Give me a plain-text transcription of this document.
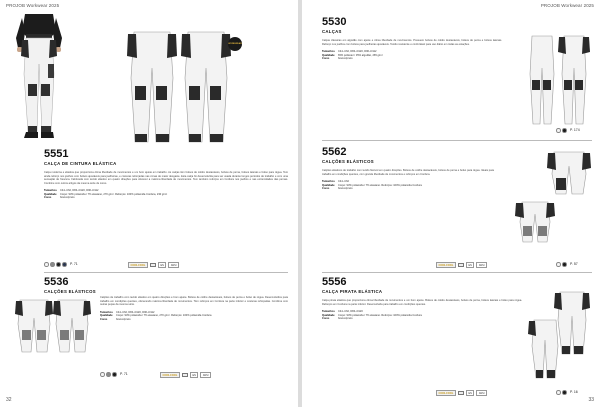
PROJOB Workwear 2025
WORKWEAR
5551
CALÇA DE CINTURA ELÁSTICA
Calça moderna e elástica que proporciona ótima liberdade de movimentos e um bom ajuste em trabalho. As calças têm bolsos de coldre destacáveis, bolsos de perna, bolsos laterais e bolso para régua. Tem ainda reforço nos joelhos com bolsos ajustáveis para joelheiras, e costuras reforçadas nas zonas de maior desgaste. Esta calça foi desenvolvida para ser usada durante longos períodos de trabalho e com uma sensação de frescura. Fabricada com tecido elástico em quatro direções para oferecer a máxima liberdade de movimentos. Tem também reforços em Cordura nos joelhos e nas extremidades das pernas. Combine com outros artigos da mesma série de cores.
Tamanhos	C44–C62, D84–D120, D96–D112
Qualidade	Corpo: 93% poliamida / 7% elastano, 270 g/m². Reforços: 100% poliamida Cordura, 230 g/m²
Cores	branco/preto
P. 71	COOLCOOL	EN	ANSI
5536
CALÇÕES ELÁSTICOS
Calções de trabalho com tecido elástico em quatro direções e bom ajuste. Bolsos de coldre destacáveis, bolsos de perna e bolso de régua. Desenvolvidos para trabalho em condições quentes, oferecendo máxima liberdade de movimentos. Têm reforços em Cordura na parte inferior e costuras reforçadas. Combine com outras peças da mesma série.
Tamanhos	C44–C62, D84–D120, D96–D112
Qualidade	Corpo: 93% poliamida / 7% elastano, 270 g/m². Reforços: 100% poliamida Cordura
Cores	branco/preto
P. 71	COOLCOOL	EN	ANSI
32
PROJOB Workwear 2025
5530
CALÇAS
Calças clássicas em algodão com ajuste e ótima liberdade de movimentos. Possuem bolsos de coldre destacáveis, bolsos de perna e bolsos laterais. Reforço nos joelhos com bolsos para joelheiras ajustáveis. Tecido resistente e confortável para uso diário em todas as estações.
Tamanhos	C44–C62, D84–D120, D96–D112
Qualidade	65% poliéster / 35% algodão, 265 g/m²
Cores	branco/preto
P. 174
5562
CALÇÕES ELÁSTICOS
Calções elásticos de trabalho com tecido flexível em quatro direções. Bolsos de coldre destacáveis, bolsos de perna e bolso para régua. Ideais para trabalho em condições quentes, com grande liberdade de movimentos e reforços em Cordura.
Tamanhos	C44–C62
Qualidade	Corpo: 93% poliamida / 7% elastano. Reforços: 100% poliamida Cordura
Cores	branco/preto
P. 57
COOLCOOL	EN	ANSI
5556
CALÇA PIRATA ELÁSTICA
Calça pirata elástica que proporciona ótima liberdade de movimentos e um bom ajuste. Bolsos de coldre destacáveis, bolsos de perna, bolsos laterais e bolso para régua. Reforços em Cordura na parte inferior. Desenvolvida para trabalho em condições quentes.
Tamanhos	C44–C62, D84–D120
Qualidade	Corpo: 93% poliamida / 7% elastano. Reforços: 100% poliamida Cordura
Cores	branco/preto
P. 16
COOLCOOL	EN	ANSI
33
